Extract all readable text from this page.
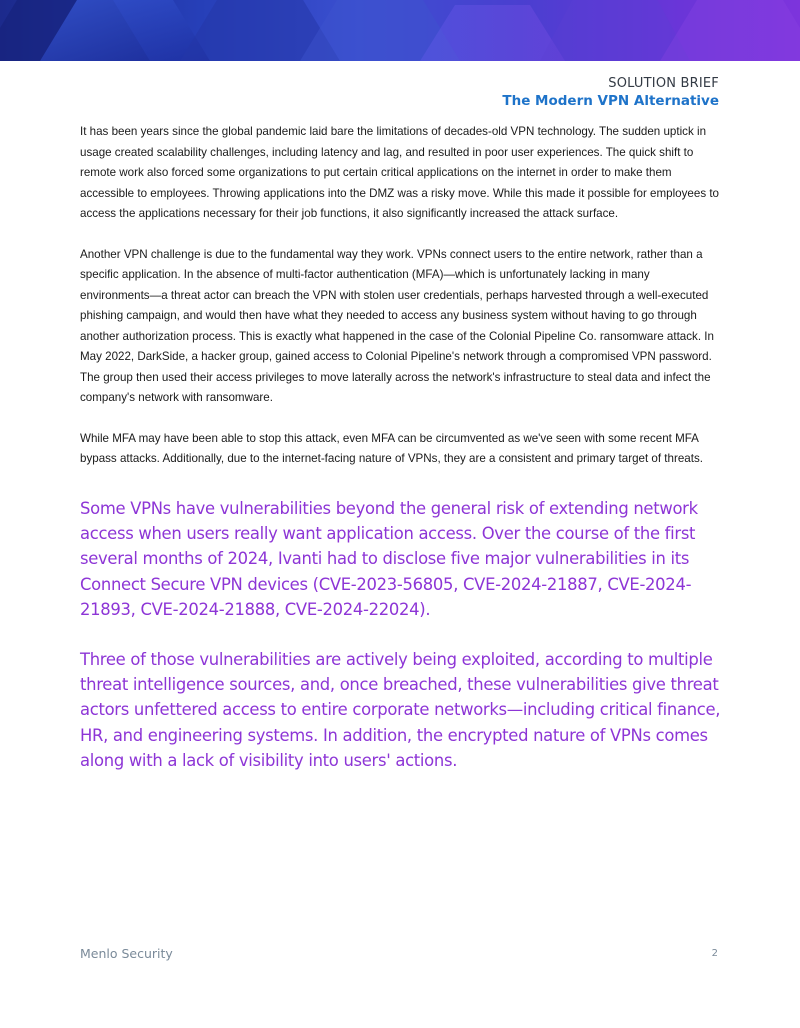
SOLUTION BRIEF
The Modern VPN Alternative

It has been years since the global pandemic laid bare the limitations of decades-old VPN technology. The sudden uptick in usage created scalability challenges, including latency and lag, and resulted in poor user experiences. The quick shift to remote work also forced some organizations to put certain critical applications on the internet in order to make them accessible to employees. Throwing applications into the DMZ was a risky move. While this made it possible for employees to access the applications necessary for their job functions, it also significantly increased the attack surface.

Another VPN challenge is due to the fundamental way they work. VPNs connect users to the entire network, rather than a specific application. In the absence of multi-factor authentication (MFA)—which is unfortunately lacking in many environments—a threat actor can breach the VPN with stolen user credentials, perhaps harvested through a well-executed phishing campaign, and would then have what they needed to access any business system without having to go through another authorization process. This is exactly what happened in the case of the Colonial Pipeline Co. ransomware attack. In May 2022, DarkSide, a hacker group, gained access to Colonial Pipeline's network through a compromised VPN password. The group then used their access privileges to move laterally across the network's infrastructure to steal data and infect the company's network with ransomware.

While MFA may have been able to stop this attack, even MFA can be circumvented as we've seen with some recent MFA bypass attacks. Additionally, due to the internet-facing nature of VPNs, they are a consistent and primary target of threats.

Some VPNs have vulnerabilities beyond the general risk of extending network access when users really want application access. Over the course of the first several months of 2024, Ivanti had to disclose five major vulnerabilities in its Connect Secure VPN devices (CVE-2023-56805, CVE-2024-21887, CVE-2024-21893, CVE-2024-21888, CVE-2024-22024).

Three of those vulnerabilities are actively being exploited, according to multiple threat intelligence sources, and, once breached, these vulnerabilities give threat actors unfettered access to entire corporate networks—including critical finance, HR, and engineering systems. In addition, the encrypted nature of VPNs comes along with a lack of visibility into users' actions.

Menlo Security	2
